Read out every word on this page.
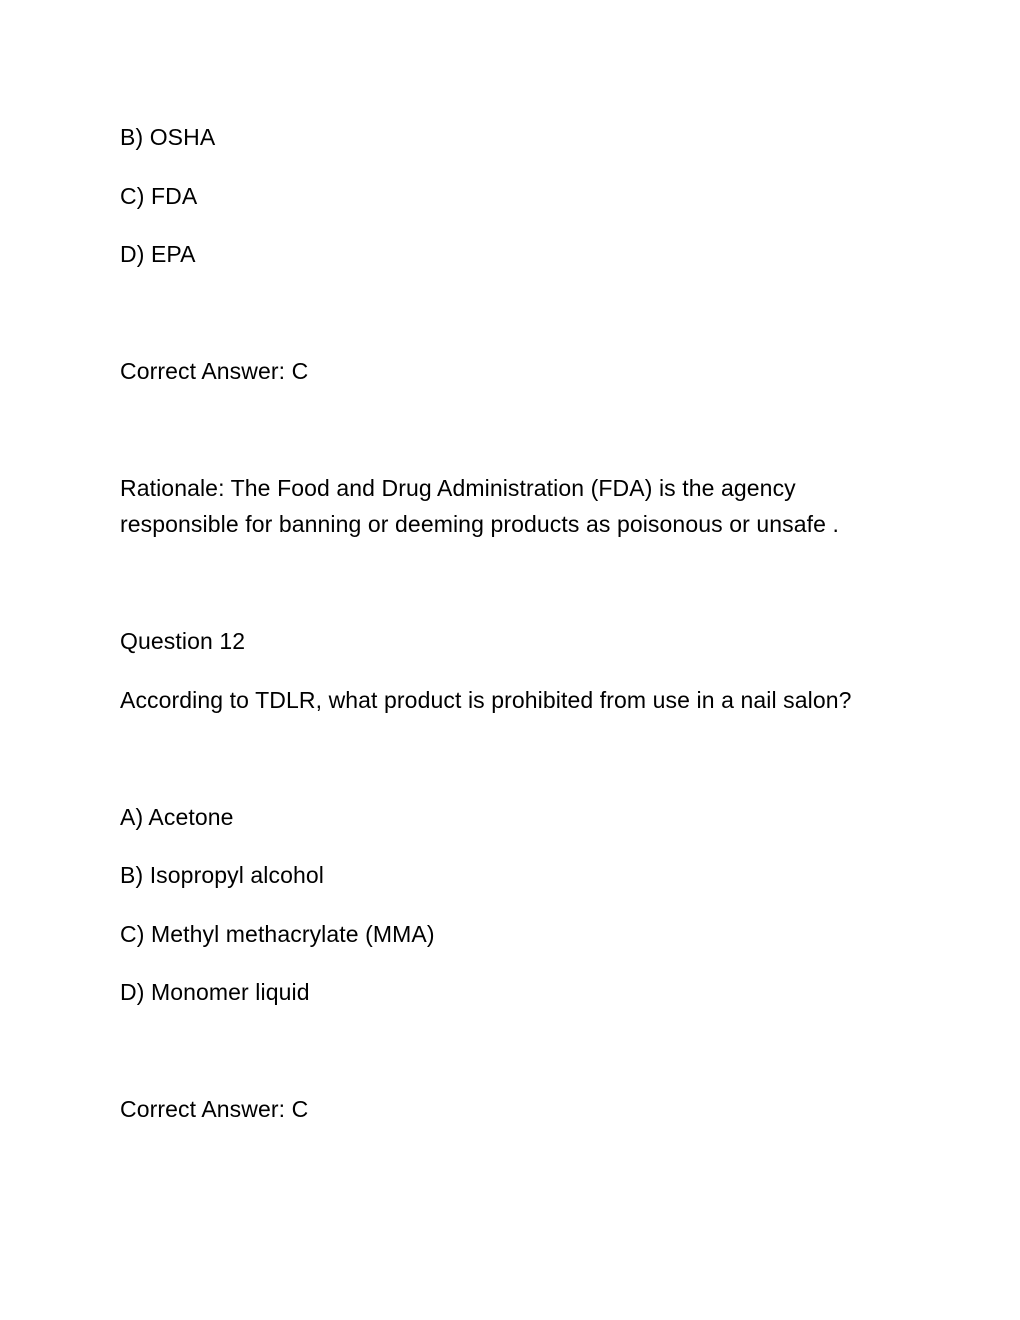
B) OSHA
C) FDA
D) EPA
Correct Answer: C
Rationale: The Food and Drug Administration (FDA) is the agency
responsible for banning or deeming products as poisonous or unsafe .
Question 12
According to TDLR, what product is prohibited from use in a nail salon?
A) Acetone
B) Isopropyl alcohol
C) Methyl methacrylate (MMA)
D) Monomer liquid
Correct Answer: C
